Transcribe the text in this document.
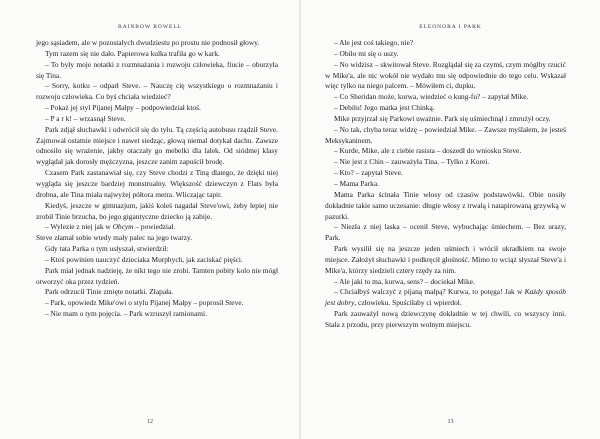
RAINBOW ROWELL

jego sąsiadem, ale w pozostałych dwudziestu po prostu nie podnosił głowy.

Tym razem się nie dało. Papierowa kulka trafiła go w kark.

– To były moje notatki z rozmnażania i rozwoju człowieka, fiucie – oburzyła się Tina.

– Sorry, kotku – odparł Steve. – Nauczę cię wszystkiego o rozmnażaniu i rozwoju człowieka. Co byś chciała wiedzieć?

– Pokaż jej styl Pijanej Małpy – podpowiedział ktoś.

– P a r k! – wrzasnął Steve.

Park zdjął słuchawki i odwrócił się do tyłu. Tą częścią autobusu rządził Steve. Zajmował ostatnie miejsce i nawet siedząc, głową niemal dotykał dachu. Zawsze odnosiło się wrażenie, jakby otaczały go mebelki dla lalek. Od siódmej klasy wyglądał jak dorosły mężczyzna, jeszcze zanim zapuścił brodę.

Czasem Park zastanawiał się, czy Steve chodzi z Tiną dlatego, że dzięki niej wygląda się jeszcze bardziej monstrualny. Większość dziewczyn z Flats była drobna, ale Tina miała najwyżej półtora metra. Wliczając tapir.

Kiedyś, jeszcze w gimnazjum, jakiś koleś nagadał Steve'owi, żeby lepiej nie zrobił Tinie brzucha, bo jego gigantyczne dziecko ją zabije.

– Wylezie z niej jak w Obcym – powiedział.

Steve złamał sobie wtedy mały palec na jego twarzy.

Gdy tata Parka o tym usłyszał, stwierdził:

– Ktoś powinien nauczyć dzieciaka Murphych, jak zaciskać pięści.

Park miał jednak nadzieję, że nikt tego nie zrobi. Tamten pobity kolo nie mógł otworzyć oka przez tydzień.

Park odrzucił Tinie zmięte notatki. Złapała.

– Park, opowiedz Mike'owi o stylu Pijanej Małpy – poprosił Steve.

– Nie mam o tym pojęcia. – Park wzruszył ramionami.

12
ELEONORA I PARK

– Ale jest coś takiego, nie?

– Obiło mi się o uszy.

– No widzisz – skwitował Steve. Rozglądał się za czymś, czym mógłby rzucić w Mike'a, ale nic wokół nie wydało mu się odpowiednie do tego celu. Wskazał więc tylko na niego palcem. – Mówiłem ci, dupku.

– Co Sheridan może, kurwa, wiedzieć o kung-fu? – zapytał Mike.

– Debilu! Jego matka jest Chinką.

Mike przyjrzał się Parkowi uważnie. Park się uśmiechnął i zmrużył oczy.

– No tak, chyba teraz widzę – powiedział Mike. – Zawsze myślałem, że jesteś Meksykaninem.

– Kurde, Mike, ale z ciebie rasista – doszedł do wniosku Steve.

– Nie jest z Chin – zauważyła Tina. – Tylko z Korei.

– Kto? – zapytał Steve.

– Mama Parka.

Mama Parka ścinała Tinie włosy od czasów podstawówki. Obie nosiły dokładnie takie samo uczesanie: długie włosy z trwałą i natapirowaną grzywką w pazurki.

– Niezła z niej laska – ocenił Steve, wybuchając śmiechem. – Bez urazy, Park.

Park wysilił się na jeszcze jeden uśmiech i wrócił ukradkiem na swoje miejsce. Założył słuchawki i podkręcił głośność. Mimo to wciąż słyszał Steve'a i Mike'a, którzy siedzieli cztery rzędy za nim.

– Ale jaki to ma, kurwa, sens? – dociekał Mike.

– Chciałbyś walczyć z pijaną małpą? Kurwa, to potęga! Jak w Każdy sposób jest dobry, człowieku. Spuściłaby ci wpierdol.

Park zauważył nową dziewczynę dokładnie w tej chwili, co wszyscy inni. Stała z przodu, przy pierwszym wolnym miejscu.

13
